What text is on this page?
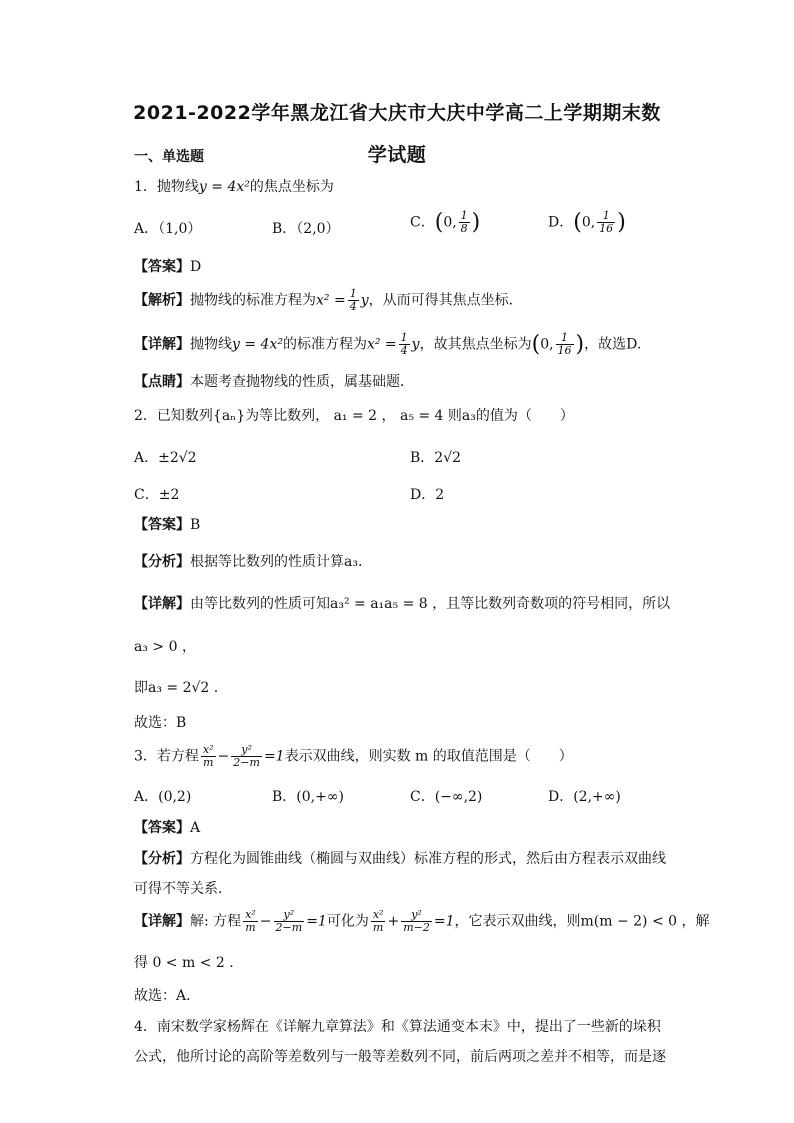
2021-2022学年黑龙江省大庆市大庆中学高二上学期期末数
学试题
一、单选题
1．抛物线y = 4x²的焦点坐标为
A．（1,0）	B．（2,0）	C．(0, $\frac{1}{8}$ )	D．(0, $\frac{1}{16}$ )
【答案】D
【解析】抛物线的标准方程为$x^2 = \frac{1}{4}$ y，从而可得其焦点坐标．
【详解】抛物线y = 4x²的标准方程为$x^2 = \frac{1}{4}$ y，故其焦点坐标为(0, $\frac{1}{16}$ )，故选D.
【点睛】本题考查抛物线的性质，属基础题．
2．已知数列{aₙ}为等比数列， a₁ = 2 ， a₅ = 4 则a₃的值为（　　）
A．±2√2	B．2√2
C．±2	D．2
【答案】B
【分析】根据等比数列的性质计算a₃.
【详解】由等比数列的性质可知a₃² = a₁a₅ = 8 ，且等比数列奇数项的符号相同，所以
a₃ > 0 ，
即a₃ = 2√2 .
故选：B
3．若方程 $\frac{\text{x²}}{m} - \frac{\text{y²}}{2-m} =1$表示双曲线，则实数 m 的取值范围是（　　）
A．(0,2)	B．(0,+∞)	C．(−∞,2)	D．(2,+∞)
【答案】A
【分析】方程化为圆锥曲线（椭圆与双曲线）标准方程的形式，然后由方程表示双曲线
可得不等关系．
【详解】解: 方程 $\frac{\text{x²}}{m} - \frac{\text{y²}}{2-m} =1$可化为 $\frac{\text{x²}}{m} + \frac{\text{y²}}{m-2} =1$，它表示双曲线，则m(m − 2) < 0 ，解
得 0 < m < 2 .
故选：A．
4．南宋数学家杨辉在《详解九章算法》和《算法通变本末》中，提出了一些新的垛积
公式，他所讨论的高阶等差数列与一般等差数列不同，前后两项之差并不相等，而是逐
